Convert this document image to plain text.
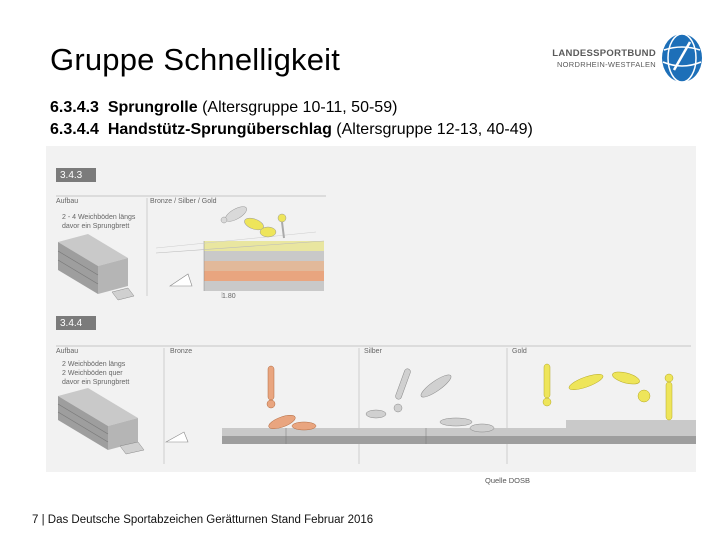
Gruppe Schnelligkeit	LANDESSPORTBUND
NORDRHEIN-WESTFALEN
6.3.4.3 Sprungrolle (Altersgruppe 10-11, 50-59)
6.3.4.4 Handstütz-Sprungüberschlag (Altersgruppe 12-13, 40-49)
3.4.3
Aufbau	Bronze / Silber / Gold
2 - 4 Weichböden längs
davor ein Sprungbrett
1.80
3.4.4
Aufbau	Bronze	Silber	Gold
2 Weichböden längs
2 Weichböden quer
davor ein Sprungbrett
Quelle DOSB
7 | Das Deutsche Sportabzeichen Gerätturnen Stand Februar 2016
